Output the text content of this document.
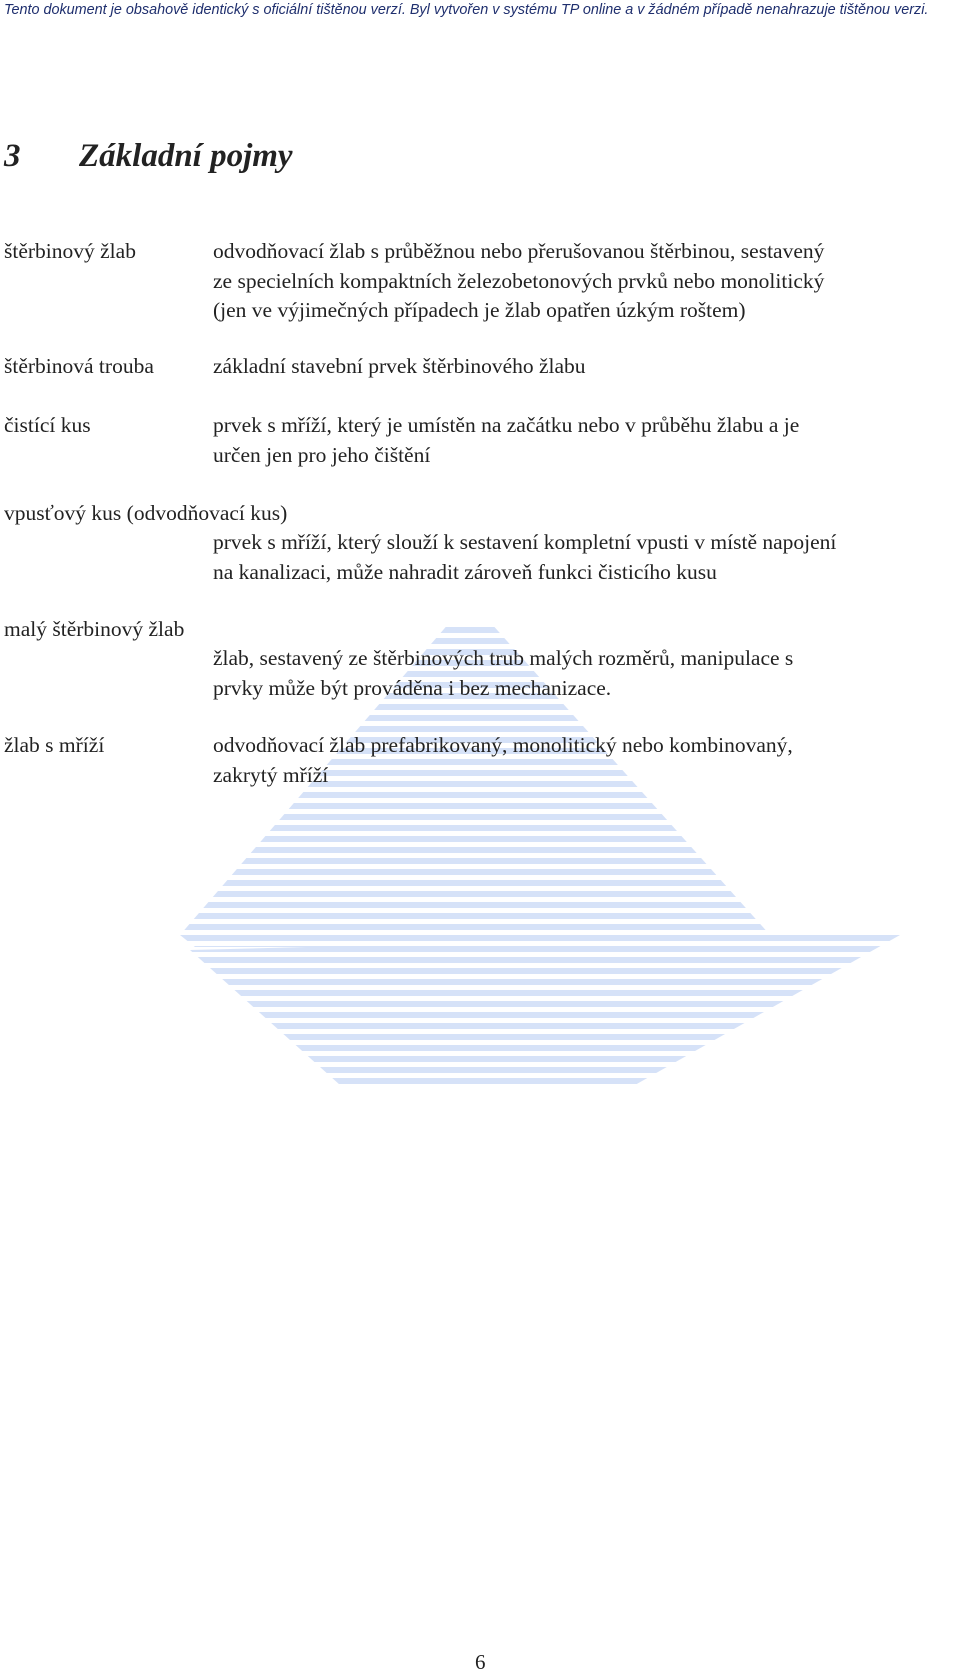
Tento dokument je obsahově identický s oficiální tištěnou verzí. Byl vytvořen v systému TP online a v žádném případě nenahrazuje tištěnou verzi.
3 Základní pojmy
štěrbinový žlab	odvodňovací žlab s průběžnou nebo přerušovanou štěrbinou, sestavený
ze specielních kompaktních železobetonových prvků nebo monolitický
(jen ve výjimečných případech je žlab opatřen úzkým roštem)
štěrbinová trouba	základní stavební prvek štěrbinového žlabu
čistící kus	prvek s mříží, který je umístěn na začátku nebo v průběhu žlabu a je
určen jen pro jeho čištění
vpusťový kus (odvodňovací kus)
prvek s mříží, který slouží k sestavení kompletní vpusti v místě napojení
na kanalizaci, může nahradit zároveň funkci čisticího kusu
malý štěrbinový žlab
žlab, sestavený ze štěrbinových trub malých rozměrů, manipulace s
prvky může být prováděna i bez mechanizace.
žlab s mříží	odvodňovací žlab prefabrikovaný, monolitický nebo kombinovaný,
zakrytý mříží
6
